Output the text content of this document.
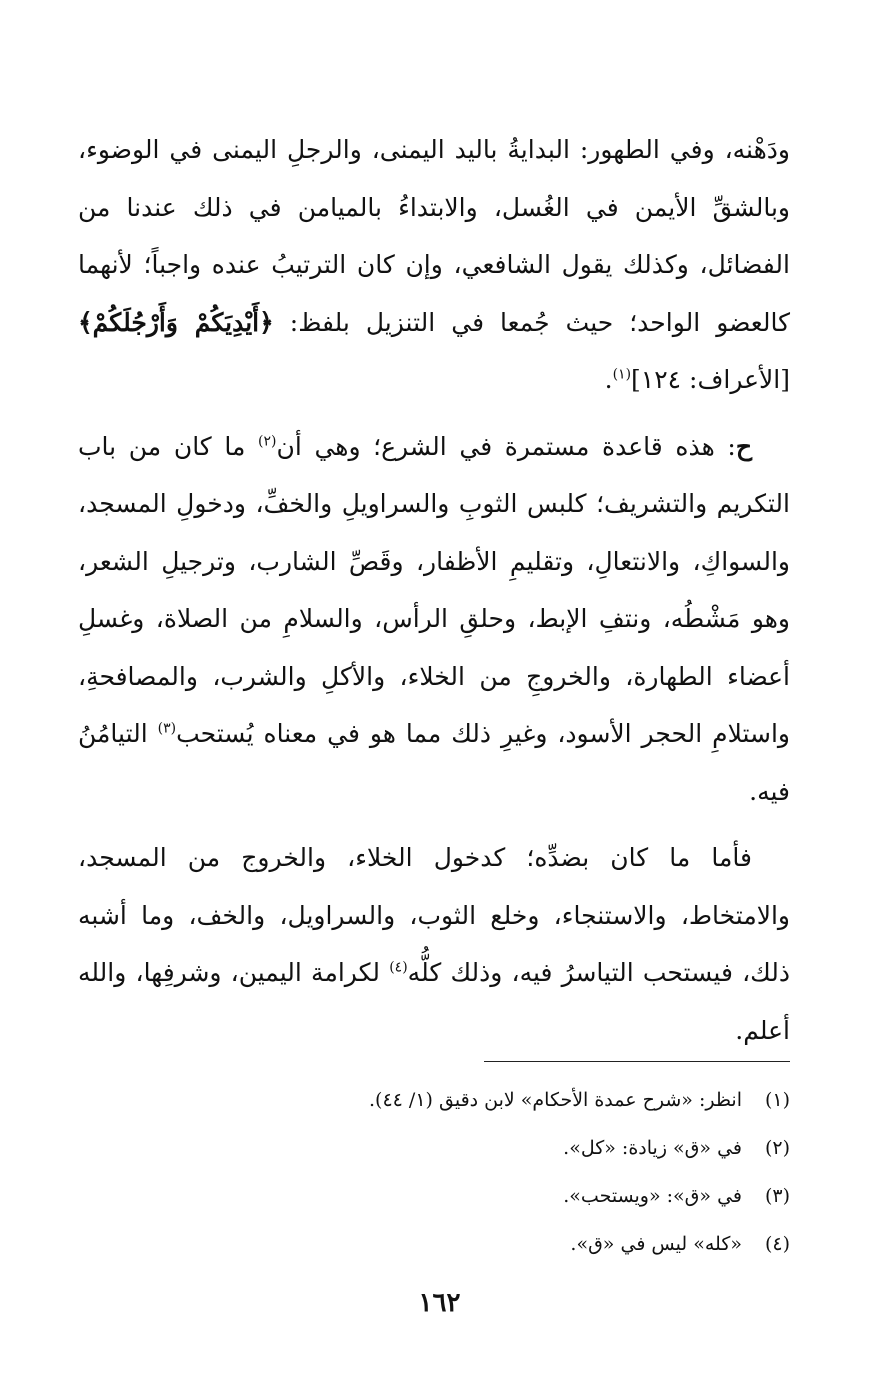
ودَهْنه، وفي الطهور: البدايةُ باليد اليمنى، والرجلِ اليمنى في الوضوء، وبالشقِّ الأيمن في الغُسل، والابتداءُ بالميامن في ذلك عندنا من الفضائل، وكذلك يقول الشافعي، وإن كان الترتيبُ عنده واجباً؛ لأنهما كالعضو الواحد؛ حيث جُمعا في التنزيل بلفظ: ﴿أَيْدِيَكُمْ وَأَرْجُلَكُمْ﴾[الأعراف: ١٢٤]$^{(١)}$.

ح: هذه قاعدة مستمرة في الشرع؛ وهي أن$^{(٢)}$ ما كان من باب التكريم والتشريف؛ كلبس الثوبِ والسراويلِ والخفِّ، ودخولِ المسجد، والسواكِ، والانتعالِ، وتقليمِ الأظفار، وقَصِّ الشارب، وترجيلِ الشعر، وهو مَشْطُه، ونتفِ الإبط، وحلقِ الرأس، والسلامِ من الصلاة، وغسلِ أعضاء الطهارة، والخروجِ من الخلاء، والأكلِ والشرب، والمصافحةِ، واستلامِ الحجر الأسود، وغيرِ ذلك مما هو في معناه يُستحب$^{(٣)}$ التيامُنُ فيه.

فأما ما كان بضدِّه؛ كدخول الخلاء، والخروج من المسجد، والامتخاط، والاستنجاء، وخلع الثوب، والسراويل، والخف، وما أشبه ذلك، فيستحب التياسرُ فيه، وذلك كلُّه$^{(٤)}$ لكرامة اليمين، وشرفِها، والله أعلم.

(١)انظر: «شرح عمدة الأحكام» لابن دقيق (١/ ٤٤).
(٢)في «ق» زيادة: «كل».
(٣)في «ق»: «ويستحب».
(٤)«كله» ليس في «ق».
١٦٢
